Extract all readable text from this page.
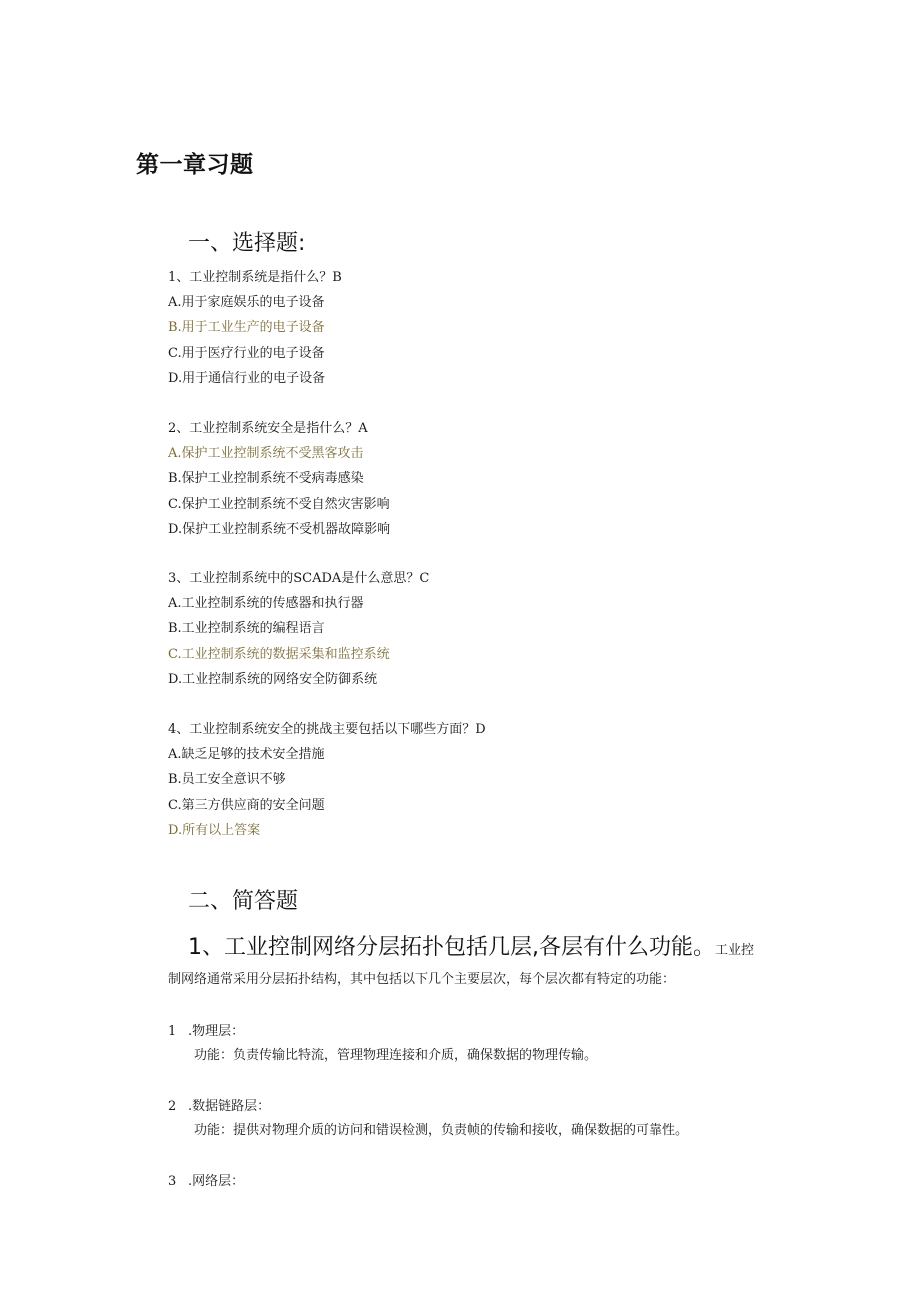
第一章习题
一、选择题:
1、工业控制系统是指什么？B
A.用于家庭娱乐的电子设备
B.用于工业生产的电子设备
C.用于医疗行业的电子设备
D.用于通信行业的电子设备
2、工业控制系统安全是指什么？A
A.保护工业控制系统不受黑客攻击
B.保护工业控制系统不受病毒感染
C.保护工业控制系统不受自然灾害影响
D.保护工业控制系统不受机器故障影响
3、工业控制系统中的SCADA是什么意思？C
A.工业控制系统的传感器和执行器
B.工业控制系统的编程语言
C.工业控制系统的数据采集和监控系统
D.工业控制系统的网络安全防御系统
4、工业控制系统安全的挑战主要包括以下哪些方面？D
A.缺乏足够的技术安全措施
B.员工安全意识不够
C.第三方供应商的安全问题
D.所有以上答案
二、简答题
1、工业控制网络分层拓扑包括几层,各层有什么功能。工业控
制网络通常采用分层拓扑结构，其中包括以下几个主要层次，每个层次都有特定的功能：
1 .物理层：
功能：负责传输比特流，管理物理连接和介质，确保数据的物理传输。
2 .数据链路层：
功能：提供对物理介质的访问和错误检测，负责帧的传输和接收，确保数据的可靠性。
3 .网络层：
